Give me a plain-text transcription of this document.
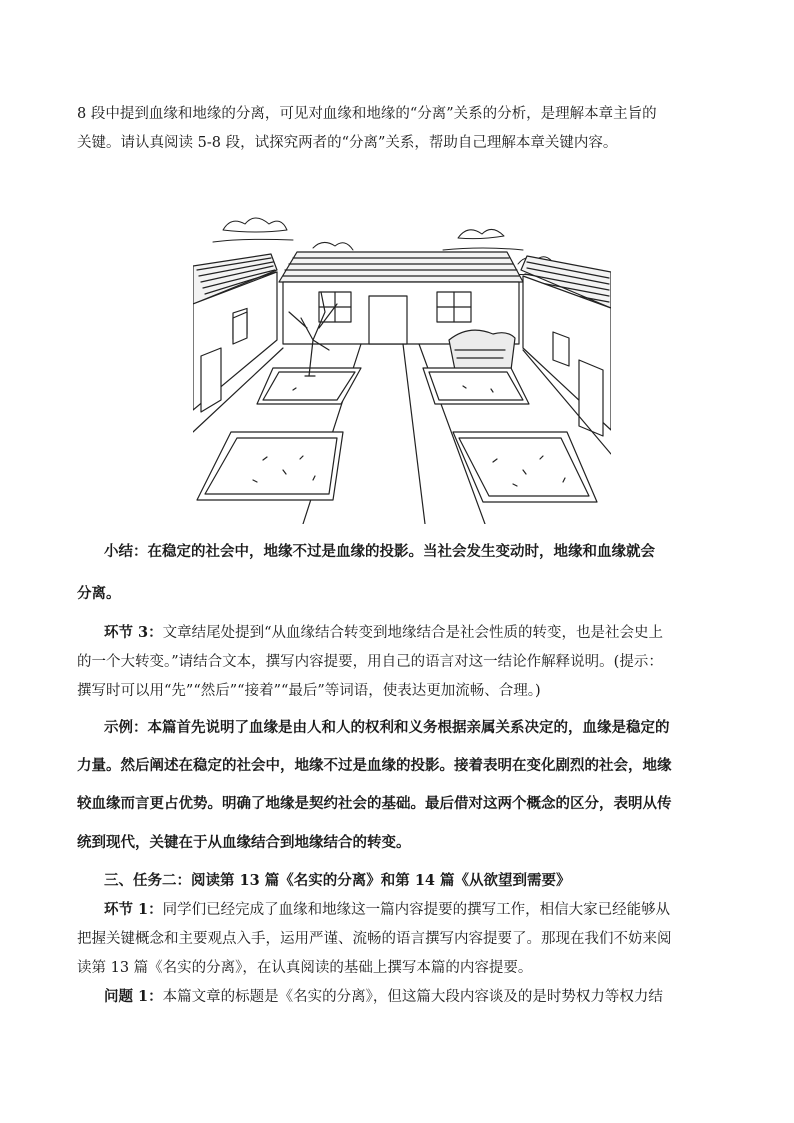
8 段中提到血缘和地缘的分离，可见对血缘和地缘的“分离”关系的分析，是理解本章主旨的
关键。请认真阅读 5-8 段，试探究两者的“分离”关系，帮助自己理解本章关键内容。
小结：在稳定的社会中，地缘不过是血缘的投影。当社会发生变动时，地缘和血缘就会
分离。
环节 3：文章结尾处提到“从血缘结合转变到地缘结合是社会性质的转变，也是社会史上
的一个大转变。”请结合文本，撰写内容提要，用自己的语言对这一结论作解释说明。(提示：
撰写时可以用“先”“然后”“接着”“最后”等词语，使表达更加流畅、合理。)
示例：本篇首先说明了血缘是由人和人的权利和义务根据亲属关系决定的，血缘是稳定的
力量。然后阐述在稳定的社会中，地缘不过是血缘的投影。接着表明在变化剧烈的社会，地缘
较血缘而言更占优势。明确了地缘是契约社会的基础。最后借对这两个概念的区分，表明从传
统到现代，关键在于从血缘结合到地缘结合的转变。
三、任务二：阅读第 13 篇《名实的分离》和第 14 篇《从欲望到需要》
环节 1：同学们已经完成了血缘和地缘这一篇内容提要的撰写工作，相信大家已经能够从
把握关键概念和主要观点入手，运用严谨、流畅的语言撰写内容提要了。那现在我们不妨来阅
读第 13 篇《名实的分离》，在认真阅读的基础上撰写本篇的内容提要。
问题 1：本篇文章的标题是《名实的分离》，但这篇大段内容谈及的是时势权力等权力结
